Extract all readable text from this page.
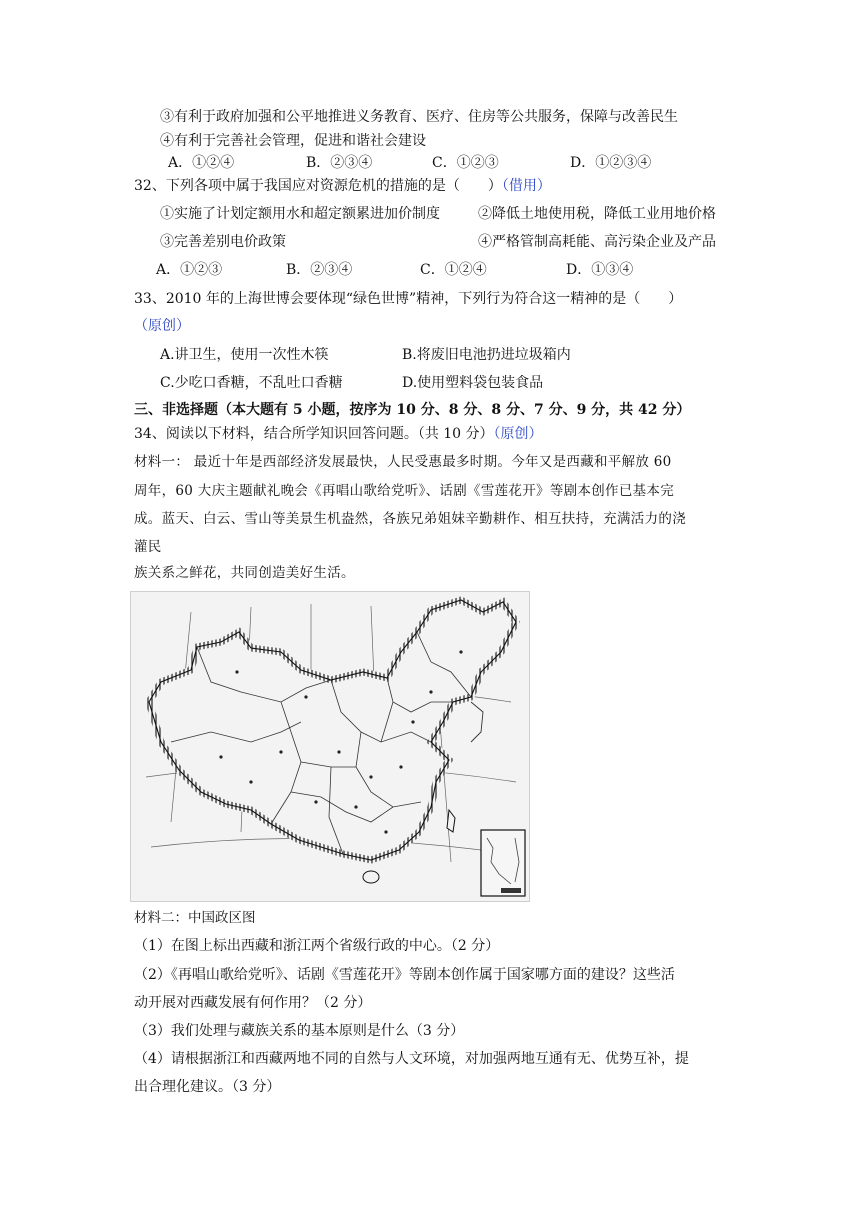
③有利于政府加强和公平地推进义务教育、医疗、住房等公共服务，保障与改善民生
④有利于完善社会管理，促进和谐社会建设
A．①②④	B．②③④	C．①②③	D．①②③④
32、下列各项中属于我国应对资源危机的措施的是（　　）（借用）
①实施了计划定额用水和超定额累进加价制度	②降低土地使用税，降低工业用地价格
③完善差别电价政策	④严格管制高耗能、高污染企业及产品
A．①②③	B．②③④	C．①②④	D．①③④
33、2010 年的上海世博会要体现“绿色世博”精神，下列行为符合这一精神的是（　　）
（原创）
A.讲卫生，使用一次性木筷	B.将废旧电池扔进垃圾箱内
C.少吃口香糖，不乱吐口香糖	D.使用塑料袋包装食品
三、非选择题（本大题有 5 小题，按序为 10 分、8 分、8 分、7 分、9 分，共 42 分）
34、阅读以下材料，结合所学知识回答问题。（共 10 分）（原创）
材料一： 最近十年是西部经济发展最快，人民受惠最多时期。今年又是西藏和平解放 60
周年，60 大庆主题献礼晚会《再唱山歌给党听》、话剧《雪莲花开》等剧本创作已基本完
成。蓝天、白云、雪山等美景生机盎然，各族兄弟姐妹辛勤耕作、相互扶持，充满活力的浇
灌民
族关系之鲜花，共同创造美好生活。
材料二：中国政区图
（1）在图上标出西藏和浙江两个省级行政的中心。（2 分）
（2）《再唱山歌给党听》、话剧《雪莲花开》等剧本创作属于国家哪方面的建设？这些活
动开展对西藏发展有何作用？（2 分）
（3）我们处理与藏族关系的基本原则是什么（3 分）
（4）请根据浙江和西藏两地不同的自然与人文环境，对加强两地互通有无、优势互补，提
出合理化建议。（3 分）
